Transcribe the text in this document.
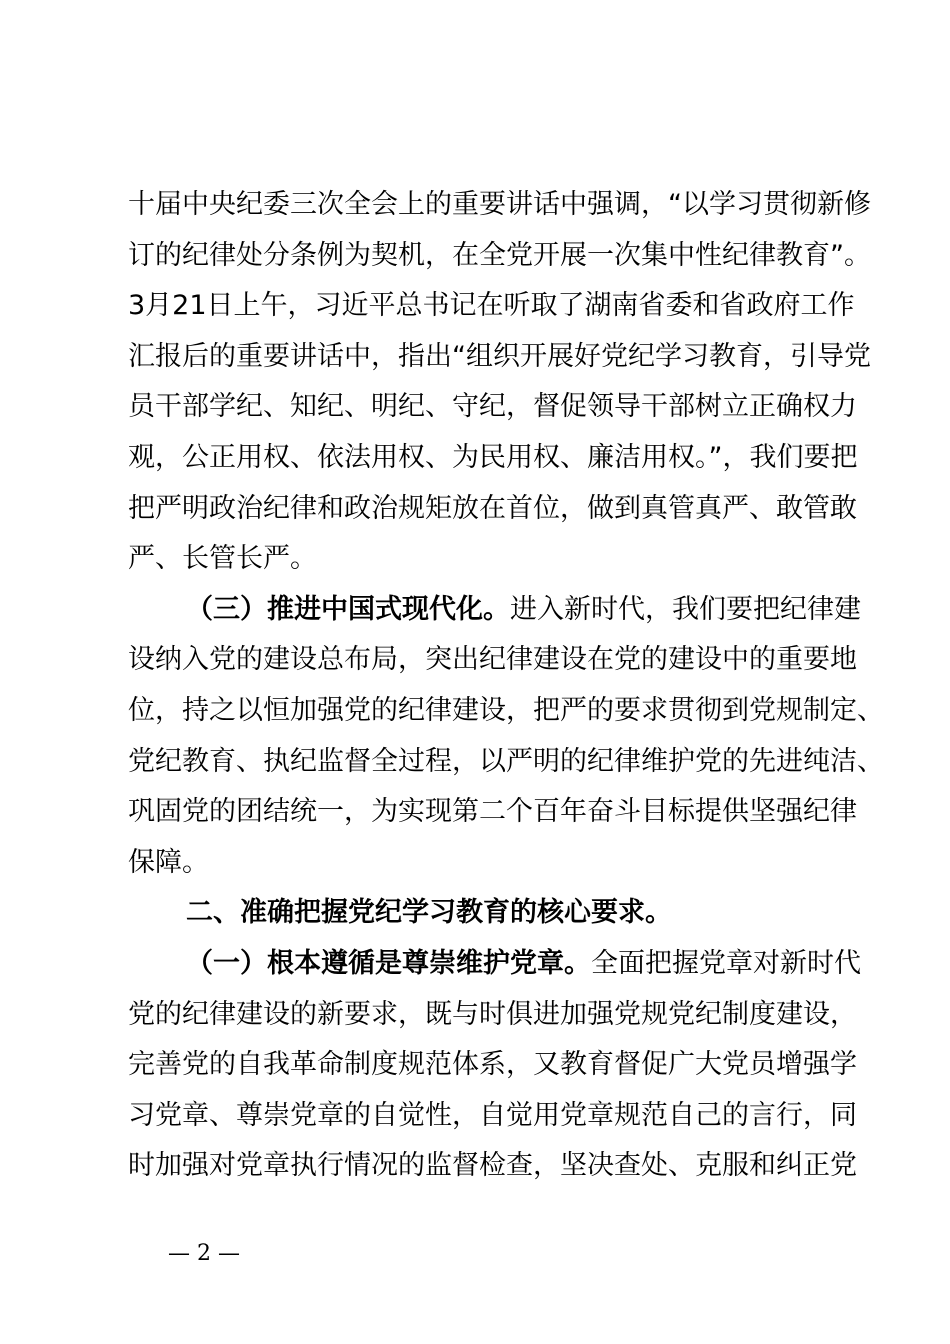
十届中央纪委三次全会上的重要讲话中强调，“以学习贯彻新修
订的纪律处分条例为契机，在全党开展一次集中性纪律教育”。
3月21日上午，习近平总书记在听取了湖南省委和省政府工作
汇报后的重要讲话中，指出“组织开展好党纪学习教育，引导党
员干部学纪、知纪、明纪、守纪，督促领导干部树立正确权力
观，公正用权、依法用权、为民用权、廉洁用权。”，我们要把
把严明政治纪律和政治规矩放在首位，做到真管真严、敢管敢
严、长管长严。
（三）推进中国式现代化。进入新时代，我们要把纪律建
设纳入党的建设总布局，突出纪律建设在党的建设中的重要地
位，持之以恒加强党的纪律建设，把严的要求贯彻到党规制定、
党纪教育、执纪监督全过程，以严明的纪律维护党的先进纯洁、
巩固党的团结统一，为实现第二个百年奋斗目标提供坚强纪律
保障。
二、准确把握党纪学习教育的核心要求。
（一）根本遵循是尊崇维护党章。全面把握党章对新时代
党的纪律建设的新要求，既与时俱进加强党规党纪制度建设，
完善党的自我革命制度规范体系，又教育督促广大党员增强学
习党章、尊崇党章的自觉性，自觉用党章规范自己的言行，同
时加强对党章执行情况的监督检查，坚决查处、克服和纠正党
— 2 —
